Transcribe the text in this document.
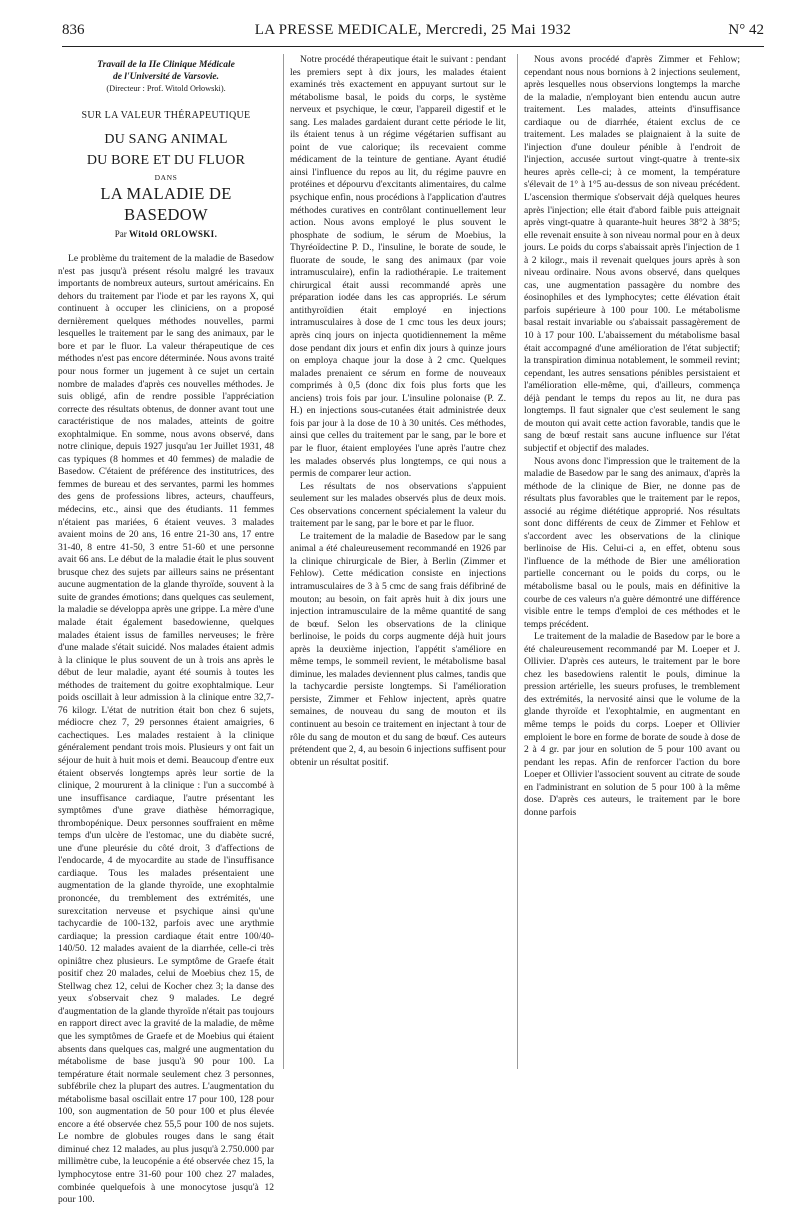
836	LA PRESSE MEDICALE, Mercredi, 25 Mai 1932	N° 42
Travail de la IIe Clinique Médicale
de l'Université de Varsovie.
(Directeur : Prof. Witold Orłowski).
SUR LA VALEUR THÉRAPEUTIQUE
DU SANG ANIMAL
DU BORE ET DU FLUOR
DANS
LA MALADIE DE BASEDOW
Par Witold ORLOWSKI.

Le problème du traitement de la maladie de Basedow n'est pas jusqu'à présent résolu malgré les travaux importants de nombreux auteurs, surtout américains. En dehors du traitement par l'iode et par les rayons X, qui continuent à occuper les cliniciens, on a proposé dernièrement quelques méthodes nouvelles, parmi lesquelles le traitement par le sang des animaux, par le bore et par le fluor. La valeur thérapeutique de ces méthodes n'est pas encore déterminée. Nous avons traité pour nous former un jugement à ce sujet un certain nombre de malades d'après ces nouvelles méthodes. Je suis obligé, afin de rendre possible l'appréciation correcte des résultats obtenus, de donner avant tout une caractéristique de nos malades, atteints de goitre exophtalmique. En somme, nous avons observé, dans notre clinique, depuis 1927 jusqu'au 1er Juillet 1931, 48 cas typiques (8 hommes et 40 femmes) de maladie de Basedow. C'étaient de préférence des institutrices, des femmes de bureau et des servantes, parmi les hommes des gens de professions libres, acteurs, chauffeurs, médecins, etc., ainsi que des étudiants. 11 femmes n'étaient pas mariées, 6 étaient veuves. 3 malades avaient moins de 20 ans, 16 entre 21-30 ans, 17 entre 31-40, 8 entre 41-50, 3 entre 51-60 et une personne avait 66 ans. Le début de la maladie était le plus souvent brusque chez des sujets par ailleurs sains ne présentant aucune augmentation de la glande thyroïde, souvent à la suite de grandes émotions; dans quelques cas seulement, la maladie se développa après une grippe. La mère d'une malade était également basedowienne, quelques malades étaient issus de familles nerveuses; le frère d'une malade s'était suicidé. Nos malades étaient admis à la clinique le plus souvent de un à trois ans après le début de leur maladie, ayant été soumis à toutes les méthodes de traitement du goitre exophtalmique. Leur poids oscillait à leur admission à la clinique entre 32,7-76 kilogr. L'état de nutrition était bon chez 6 sujets, médiocre chez 7, 29 personnes étaient amaigries, 6 cachectiques. Les malades restaient à la clinique généralement pendant trois mois. Plusieurs y ont fait un séjour de huit à huit mois et demi. Beaucoup d'entre eux étaient observés longtemps après leur sortie de la clinique, 2 moururent à la clinique : l'un a succombé à une insuffisance cardiaque, l'autre présentant les symptômes d'une grave diathèse hémorragique, thrombopénique. Deux personnes souffraient en même temps d'un ulcère de l'estomac, une du diabète sucré, une d'une pleurésie du côté droit, 3 d'affections de l'endocarde, 4 de myocardite au stade de l'insuffisance cardiaque. Tous les malades présentaient une augmentation de la glande thyroïde, une exophtalmie prononcée, du tremblement des extrémités, une surexcitation nerveuse et psychique ainsi qu'une tachycardie de 100-132, parfois avec une arythmie cardiaque; la pression cardiaque était entre 100/40-140/50. 12 malades avaient de la diarrhée, celle-ci très opiniâtre chez plusieurs. Le symptôme de Graefe était positif chez 20 malades, celui de Moebius chez 15, de Stellwag chez 12, celui de Kocher chez 3; la danse des yeux s'observait chez 9 malades. Le degré d'augmentation de la glande thyroïde n'était pas toujours en rapport direct avec la gravité de la maladie, de même que les symptômes de Graefe et de Moebius qui étaient absents dans quelques cas, malgré une augmentation du métabolisme de base jusqu'à 90 pour 100. La température était normale seulement chez 3 personnes, subfébrile chez la plupart des autres. L'augmentation du métabolisme basal oscillait entre 17 pour 100, 128 pour 100, son augmentation de 50 pour 100 et plus élevée encore a été observée chez 55,5 pour 100 de nos sujets. Le nombre de globules rouges dans le sang était diminué chez 12 malades, au plus jusqu'à 2.750.000 par millimètre cube, la leucopénie a été observée chez 15, la lymphocytose entre 31-60 pour 100 chez 27 malades, combinée quelquefois à une monocytose jusqu'à 12 pour 100.

Notre procédé thérapeutique était le suivant : pendant les premiers sept à dix jours, les malades étaient examinés très exactement en appuyant surtout sur le métabolisme basal, le poids du corps, le système nerveux et psychique, le cœur, l'appareil digestif et le sang. Les malades gardaient durant cette période le lit, ils étaient tenus à un régime végétarien suffisant au point de vue calorique; ils recevaient comme médicament de la teinture de gentiane. Ayant étudié ainsi l'influence du repos au lit, du régime pauvre en protéines et dépourvu d'excitants alimentaires, du calme psychique enfin, nous procédions à l'application d'autres méthodes curatives en contrôlant continuellement leur action. Nous avons employé le plus souvent le phosphate de sodium, le sérum de Moebius, la Thyréoïdectine P. D., l'insuline, le borate de soude, le fluorate de soude, le sang des animaux (par voie intramusculaire), enfin la radiothérapie. Le traitement chirurgical était aussi recommandé après une préparation iodée dans les cas appropriés. Le sérum antithyroïdien était employé en injections intramusculaires à dose de 1 cmc tous les deux jours; après cinq jours on injecta quotidiennement la même dose pendant dix jours et enfin dix jours à quinze jours on employa chaque jour la dose à 2 cmc. Quelques malades prenaient ce sérum en forme de nouveaux comprimés à 0,5 (donc dix fois plus forts que les anciens) trois fois par jour. L'insuline polonaise (P. Z. H.) en injections sous-cutanées était administrée deux fois par jour à la dose de 10 à 30 unités. Ces méthodes, ainsi que celles du traitement par le sang, par le bore et par le fluor, étaient employées l'une après l'autre chez les malades observés plus longtemps, ce qui nous a permis de comparer leur action.

Les résultats de nos observations s'appuient seulement sur les malades observés plus de deux mois. Ces observations concernent spécialement la valeur du traitement par le sang, par le bore et par le fluor.

Le traitement de la maladie de Basedow par le sang animal a été chaleureusement recommandé en 1926 par la clinique chirurgicale de Bier, à Berlin (Zimmer et Fehlow). Cette médication consiste en injections intramusculaires de 3 à 5 cmc de sang frais défibriné de mouton; au besoin, on fait après huit à dix jours une injection intramusculaire de la même quantité de sang de bœuf. Selon les observations de la clinique berlinoise, le poids du corps augmente déjà huit jours après la deuxième injection, l'appétit s'améliore en même temps, le sommeil revient, le métabolisme basal diminue, les malades deviennent plus calmes, tandis que la tachycardie persiste longtemps. Si l'amélioration persiste, Zimmer et Fehlow injectent, après quatre semaines, de nouveau du sang de mouton et ils continuent au besoin ce traitement en injectant à tour de rôle du sang de mouton et du sang de bœuf. Ces auteurs prétendent que 2, 4, au besoin 6 injections suffisent pour obtenir un résultat positif.

Nous avons procédé d'après Zimmer et Fehlow; cependant nous nous bornions à 2 injections seulement, après lesquelles nous observions longtemps la marche de la maladie, n'employant bien entendu aucun autre traitement. Les malades, atteints d'insuffisance cardiaque ou de diarrhée, étaient exclus de ce traitement. Les malades se plaignaient à la suite de l'injection d'une douleur pénible à l'endroit de l'injection, accusée surtout vingt-quatre à trente-six heures après celle-ci; à ce moment, la température s'élevait de 1° à 1°5 au-dessus de son niveau précédent. L'ascension thermique s'observait déjà quelques heures après l'injection; elle était d'abord faible puis atteignait après vingt-quatre à quarante-huit heures 38°2 à 38°5; elle revenait ensuite à son niveau normal pour en à deux jours. Le poids du corps s'abaissait après l'injection de 1 à 2 kilogr., mais il revenait quelques jours après à son niveau ordinaire. Nous avons observé, dans quelques cas, une augmentation passagère du nombre des éosinophiles et des lymphocytes; cette élévation était parfois supérieure à 100 pour 100. Le métabolisme basal restait invariable ou s'abaissait passagèrement de 10 à 17 pour 100. L'abaissement du métabolisme basal était accompagné d'une amélioration de l'état subjectif; la transpiration diminua notablement, le sommeil revint; cependant, les autres sensations pénibles persistaient et l'amélioration elle-même, qui, d'ailleurs, commença déjà pendant le temps du repos au lit, ne dura pas longtemps. Il faut signaler que c'est seulement le sang de mouton qui avait cette action favorable, tandis que le sang de bœuf restait sans aucune influence sur l'état subjectif et objectif des malades.

Nous avons donc l'impression que le traitement de la maladie de Basedow par le sang des animaux, d'après la méthode de la clinique de Bier, ne donne pas de résultats plus favorables que le traitement par le repos, associé au régime diététique approprié. Nos résultats sont donc différents de ceux de Zimmer et Fehlow et s'accordent avec les observations de la clinique berlinoise de His. Celui-ci a, en effet, obtenu sous l'influence de la méthode de Bier une amélioration partielle concernant ou le poids du corps, ou le métabolisme basal ou le pouls, mais en définitive la courbe de ces valeurs n'a guère démontré une différence visible entre le temps d'emploi de ces méthodes et le temps précédent.

Le traitement de la maladie de Basedow par le bore a été chaleureusement recommandé par M. Loeper et J. Ollivier. D'après ces auteurs, le traitement par le bore chez les basedowiens ralentit le pouls, diminue la pression artérielle, les sueurs profuses, le tremblement des extrémités, la nervosité ainsi que le volume de la glande thyroïde et l'exophtalmie, en augmentant en même temps le poids du corps. Loeper et Ollivier emploient le bore en forme de borate de soude à dose de 2 à 4 gr. par jour en solution de 5 pour 100 avant ou pendant les repas. Afin de renforcer l'action du bore Loeper et Ollivier l'associent souvent au citrate de soude en l'administrant en solution de 5 pour 100 à la même dose. D'après ces auteurs, le traitement par le bore donne parfois
